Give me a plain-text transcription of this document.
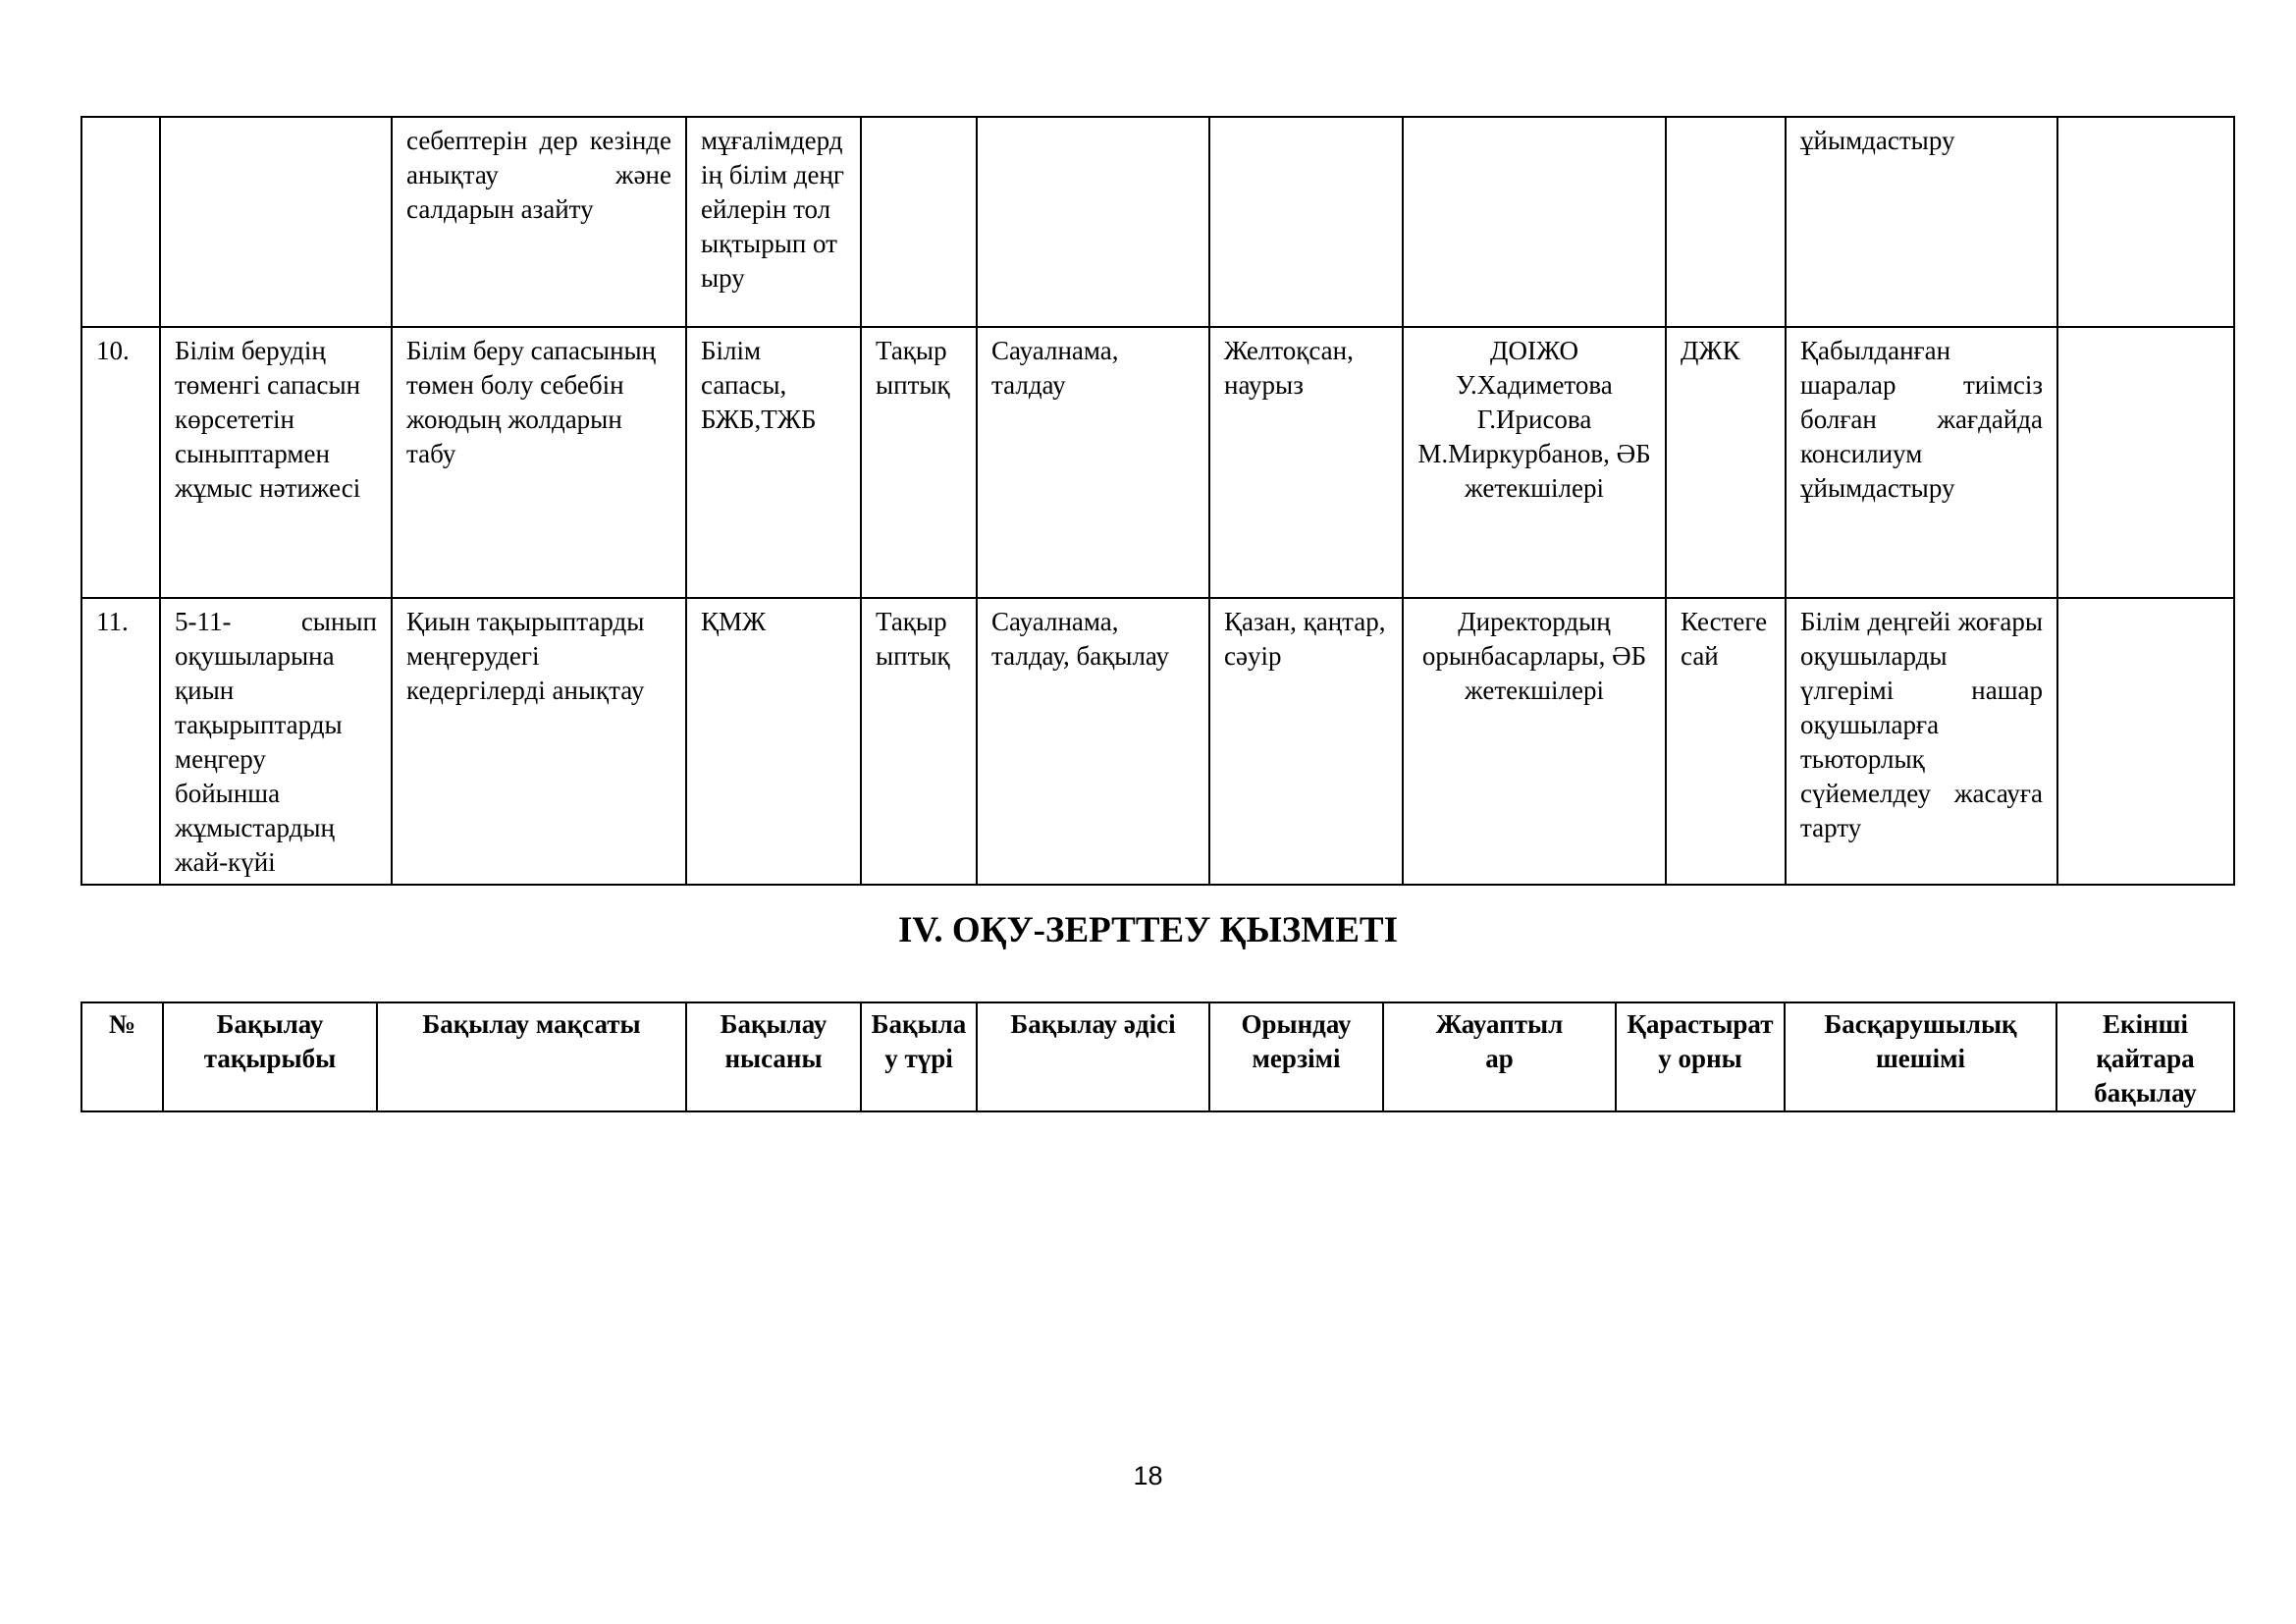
		себептерін дер кезінде анықтау және салдарын азайту	мұғалімдердің білім деңгейлерін толықтырып отыру						ұйымдастыру	
10.	Білім берудің төменгі сапасын көрсететін сыныптармен жұмыс нәтижесі	Білім беру сапасының төмен болу себебін жоюдың жолдарын табу	Білім сапасы, БЖБ,ТЖБ	Тақырыптық	Сауалнама, талдау	Желтоқсан, наурыз	ДОІЖО У.Хадиметова Г.Ирисова М.Миркурбанов, ӘБ жетекшілері	ДЖК	Қабылданған шаралар тиімсіз болған жағдайда консилиум ұйымдастыру	
11.	5-11- сынып оқушыларына қиын тақырыптарды меңгеру бойынша жұмыстардың жай-күйі	Қиын тақырыптарды меңгерудегі кедергілерді анықтау	ҚМЖ	Тақырыптық	Сауалнама, талдау, бақылау	Қазан, қаңтар, сәуір	Директордың орынбасарлары, ӘБ жетекшілері	Кестеге сай	Білім деңгейі жоғары оқушыларды үлгерімі нашар оқушыларға тьюторлық сүйемелдеу жасауға тарту	
IV. ОҚУ-ЗЕРТТЕУ ҚЫЗМЕТІ
№	Бақылау тақырыбы	Бақылау мақсаты	Бақылау нысаны	Бақылау түрі	Бақылау әдісі	Орындау мерзімі	Жауаптылар	Қарастырату орны	Басқарушылық шешімі	Екінші қайтара бақылау
18
